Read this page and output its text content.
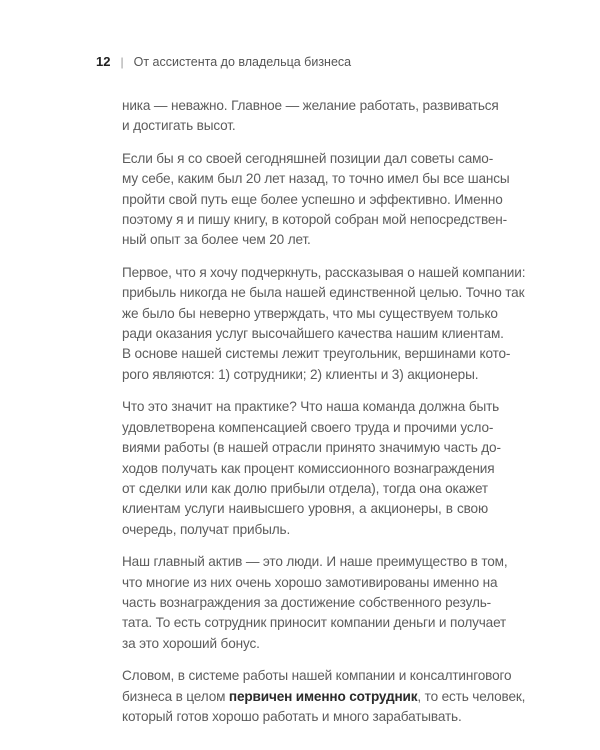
12 | От ассистента до владельца бизнеса

ника — неважно. Главное — желание работать, развиваться
и достигать высот.

Если бы я со своей сегодняшней позиции дал советы само-
му себе, каким был 20 лет назад, то точно имел бы все шансы
пройти свой путь еще более успешно и эффективно. Именно
поэтому я и пишу книгу, в которой собран мой непосредствен-
ный опыт за более чем 20 лет.

Первое, что я хочу подчеркнуть, рассказывая о нашей компании:
прибыль никогда не была нашей единственной целью. Точно так
же было бы неверно утверждать, что мы существуем только
ради оказания услуг высочайшего качества нашим клиентам.
В основе нашей системы лежит треугольник, вершинами кото-
рого являются: 1) сотрудники; 2) клиенты и 3) акционеры.

Что это значит на практике? Что наша команда должна быть
удовлетворена компенсацией своего труда и прочими усло-
виями работы (в нашей отрасли принято значимую часть до-
ходов получать как процент комиссионного вознаграждения
от сделки или как долю прибыли отдела), тогда она окажет
клиентам услуги наивысшего уровня, а акционеры, в свою
очередь, получат прибыль.

Наш главный актив — это люди. И наше преимущество в том,
что многие из них очень хорошо замотивированы именно на
часть вознаграждения за достижение собственного резуль-
тата. То есть сотрудник приносит компании деньги и получает
за это хороший бонус.

Словом, в системе работы нашей компании и консалтингового
бизнеса в целом первичен именно сотрудник, то есть человек,
который готов хорошо работать и много зарабатывать.
